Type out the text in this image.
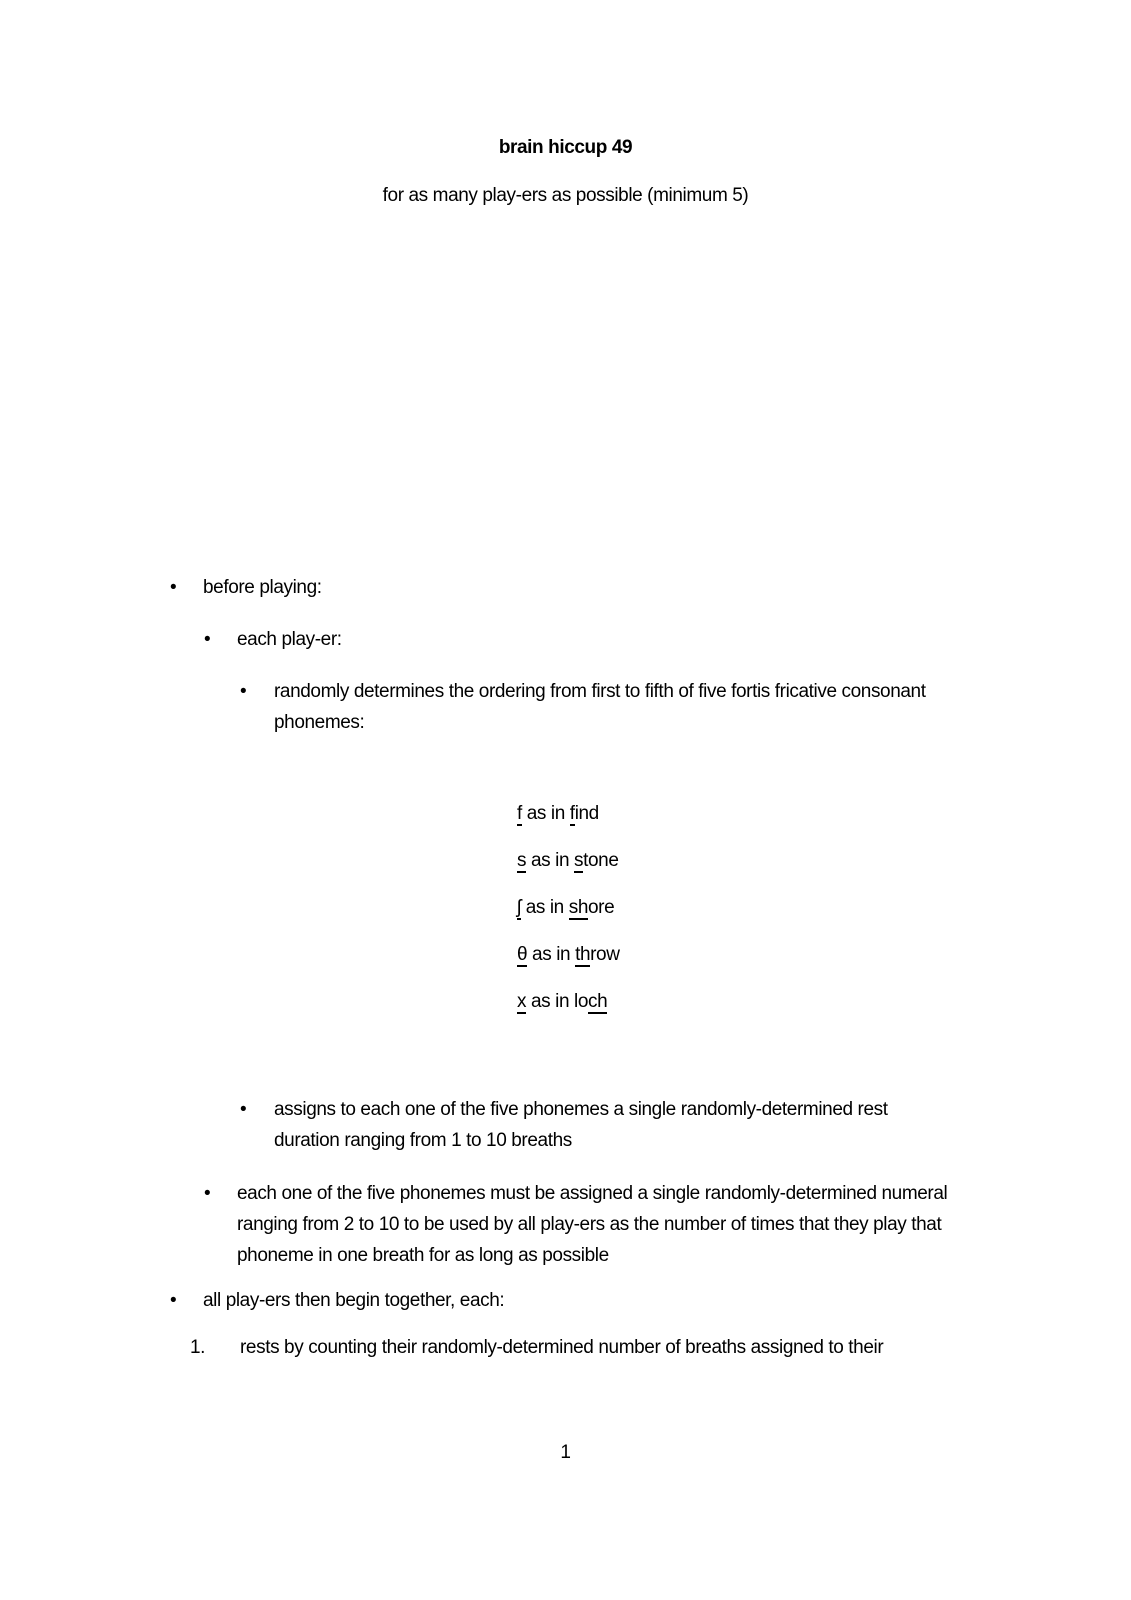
brain hiccup 49
for as many play-ers as possible (minimum 5)
• before playing:
• each play-er:
• randomly determines the ordering from first to fifth of five fortis fricative consonant
phonemes:
f as in find
s as in stone
ʃ as in shore
θ as in throw
x as in loch
• assigns to each one of the five phonemes a single randomly-determined rest
duration ranging from 1 to 10 breaths
• each one of the five phonemes must be assigned a single randomly-determined numeral
ranging from 2 to 10 to be used by all play-ers as the number of times that they play that
phoneme in one breath for as long as possible
• all play-ers then begin together, each:
1. rests by counting their randomly-determined number of breaths assigned to their
1
